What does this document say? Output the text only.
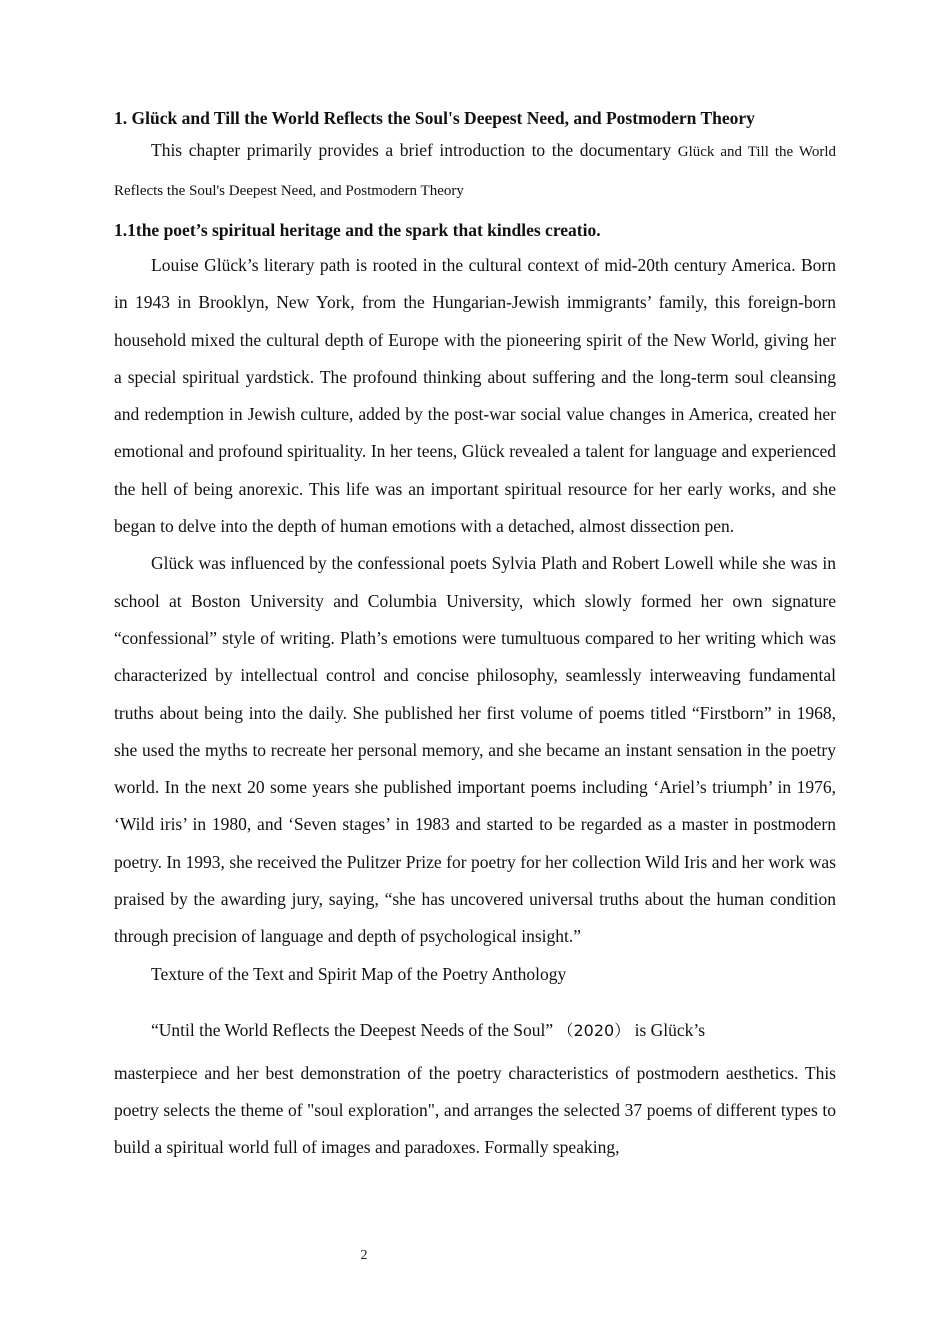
1. Glück and Till the World Reflects the Soul's Deepest Need, and Postmodern Theory

This chapter primarily provides a brief introduction to the documentary Glück and Till the World Reflects the Soul's Deepest Need, and Postmodern Theory

1.1the poet’s spiritual heritage and the spark that kindles creatio.

Louise Glück’s literary path is rooted in the cultural context of mid-20th century America. Born in 1943 in Brooklyn, New York, from the Hungarian-Jewish immigrants’ family, this foreign-born household mixed the cultural depth of Europe with the pioneering spirit of the New World, giving her a special spiritual yardstick. The profound thinking about suffering and the long-term soul cleansing and redemption in Jewish culture, added by the post-war social value changes in America, created her emotional and profound spirituality. In her teens, Glück revealed a talent for language and experienced the hell of being anorexic. This life was an important spiritual resource for her early works, and she began to delve into the depth of human emotions with a detached, almost dissection pen.

Glück was influenced by the confessional poets Sylvia Plath and Robert Lowell while she was in school at Boston University and Columbia University, which slowly formed her own signature “confessional” style of writing. Plath’s emotions were tumultuous compared to her writing which was characterized by intellectual control and concise philosophy, seamlessly interweaving fundamental truths about being into the daily. She published her first volume of poems titled “Firstborn” in 1968, she used the myths to recreate her personal memory, and she became an instant sensation in the poetry world. In the next 20 some years she published important poems including ‘Ariel’s triumph’ in 1976, ‘Wild iris’ in 1980, and ‘Seven stages’ in 1983 and started to be regarded as a master in postmodern poetry. In 1993, she received the Pulitzer Prize for poetry for her collection Wild Iris and her work was praised by the awarding jury, saying, “she has uncovered universal truths about the human condition through precision of language and depth of psychological insight.”

Texture of the Text and Spirit Map of the Poetry Anthology

“Until the World Reflects the Deepest Needs of the Soul” （2020） is Glück’s

masterpiece and her best demonstration of the poetry characteristics of postmodern aesthetics. This poetry selects the theme of "soul exploration", and arranges the selected 37 poems of different types to build a spiritual world full of images and paradoxes. Formally speaking,

2
